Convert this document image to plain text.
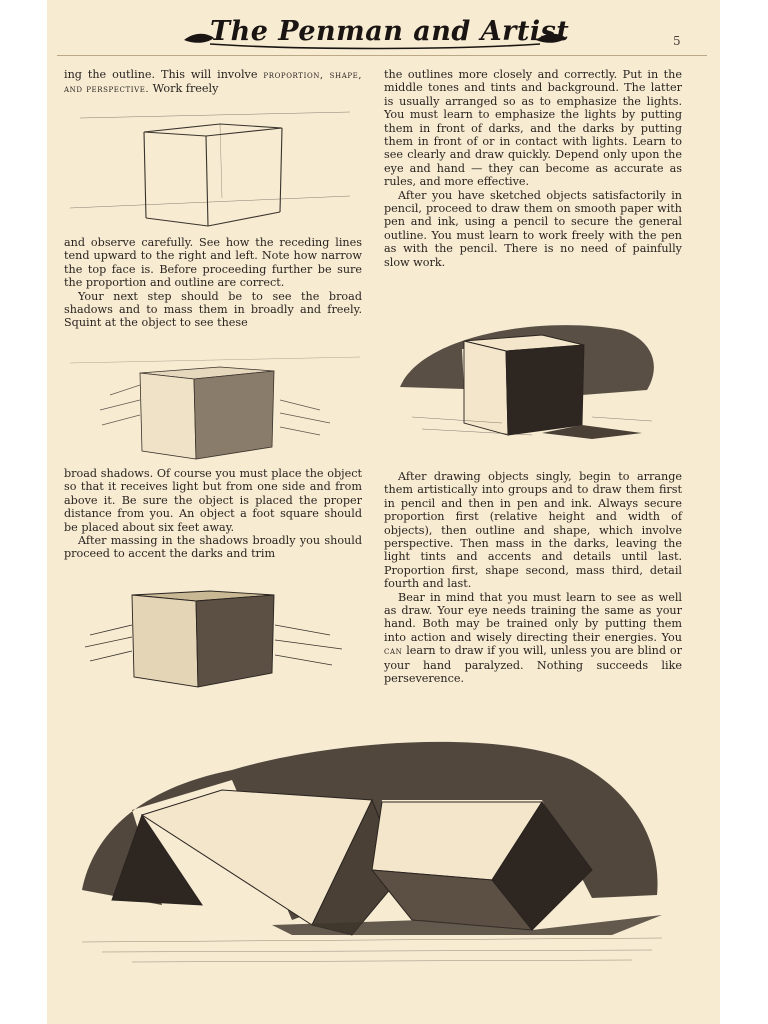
The Penman and Artist	5

ing the outline. This will involve proportion, shape, and perspective. Work freely

and observe carefully. See how the receding lines tend upward to the right and left. Note how narrow the top face is. Before proceeding further be sure the proportion and outline are correct.

Your next step should be to see the broad shadows and to mass them in broadly and freely. Squint at the object to see these

broad shadows. Of course you must place the object so that it receives light but from one side and from above it. Be sure the object is placed the proper distance from you. An object a foot square should be placed about six feet away.

After massing in the shadows broadly you should proceed to accent the darks and trim

the outlines more closely and correctly. Put in the middle tones and tints and background. The latter is usually arranged so as to emphasize the lights. You must learn to emphasize the lights by putting them in front of darks, and the darks by putting them in front of or in contact with lights. Learn to see clearly and draw quickly. Depend only upon the eye and hand — they can become as accurate as rules, and more effective.

After you have sketched objects satisfactorily in pencil, proceed to draw them on smooth paper with pen and ink, using a pencil to secure the general outline. You must learn to work freely with the pen as with the pencil. There is no need of painfully slow work.

After drawing objects singly, begin to arrange them artistically into groups and to draw them first in pencil and then in pen and ink. Always secure proportion first (relative height and width of objects), then outline and shape, which involve perspective. Then mass in the darks, leaving the light tints and accents and details until last. Proportion first, shape second, mass third, detail fourth and last.

Bear in mind that you must learn to see as well as draw. Your eye needs training the same as your hand. Both may be trained only by putting them into action and wisely directing their energies. You can learn to draw if you will, unless you are blind or your hand paralyzed. Nothing succeeds like perseverence.
